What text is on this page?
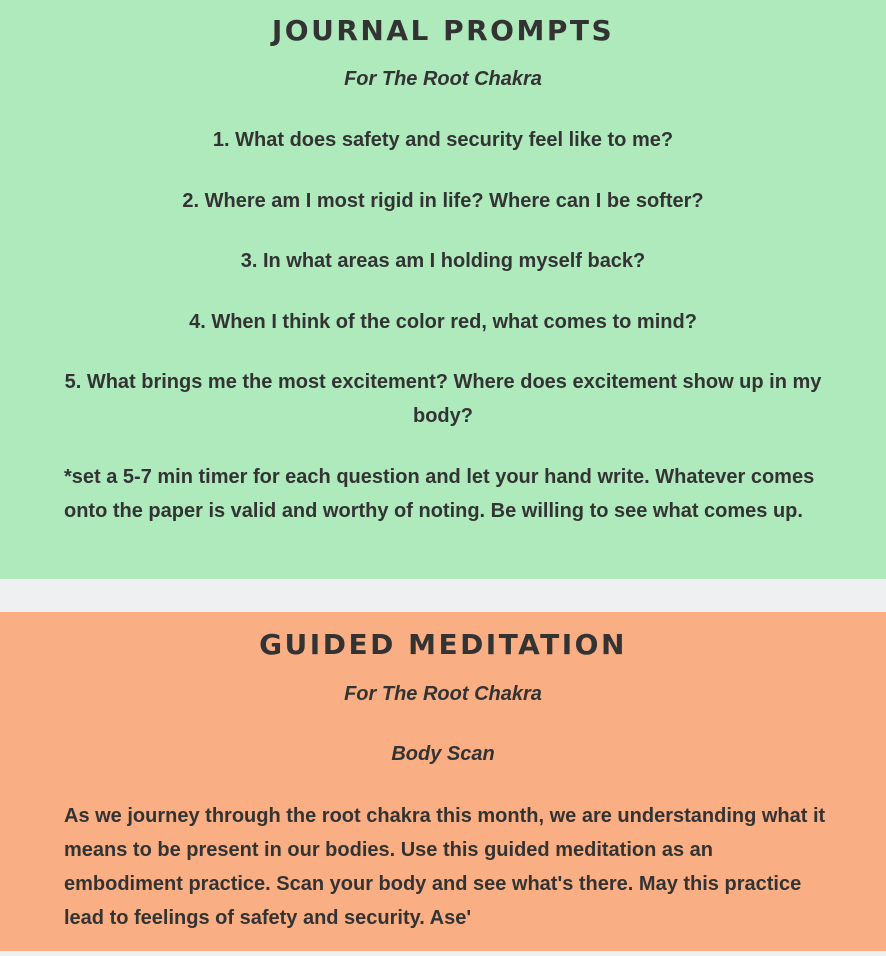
JOURNAL PROMPTS
For The Root Chakra

1. What does safety and security feel like to me?

2. Where am I most rigid in life? Where can I be softer?

3. In what areas am I holding myself back?

4. When I think of the color red, what comes to mind?

5. What brings me the most excitement? Where does excitement show up in my body?

*set a 5-7 min timer for each question and let your hand write. Whatever comes onto the paper is valid and worthy of noting. Be willing to see what comes up.

GUIDED MEDITATION
For The Root Chakra
Body Scan

As we journey through the root chakra this month, we are understanding what it means to be present in our bodies. Use this guided meditation as an embodiment practice. Scan your body and see what's there. May this practice lead to feelings of safety and security. Ase'
